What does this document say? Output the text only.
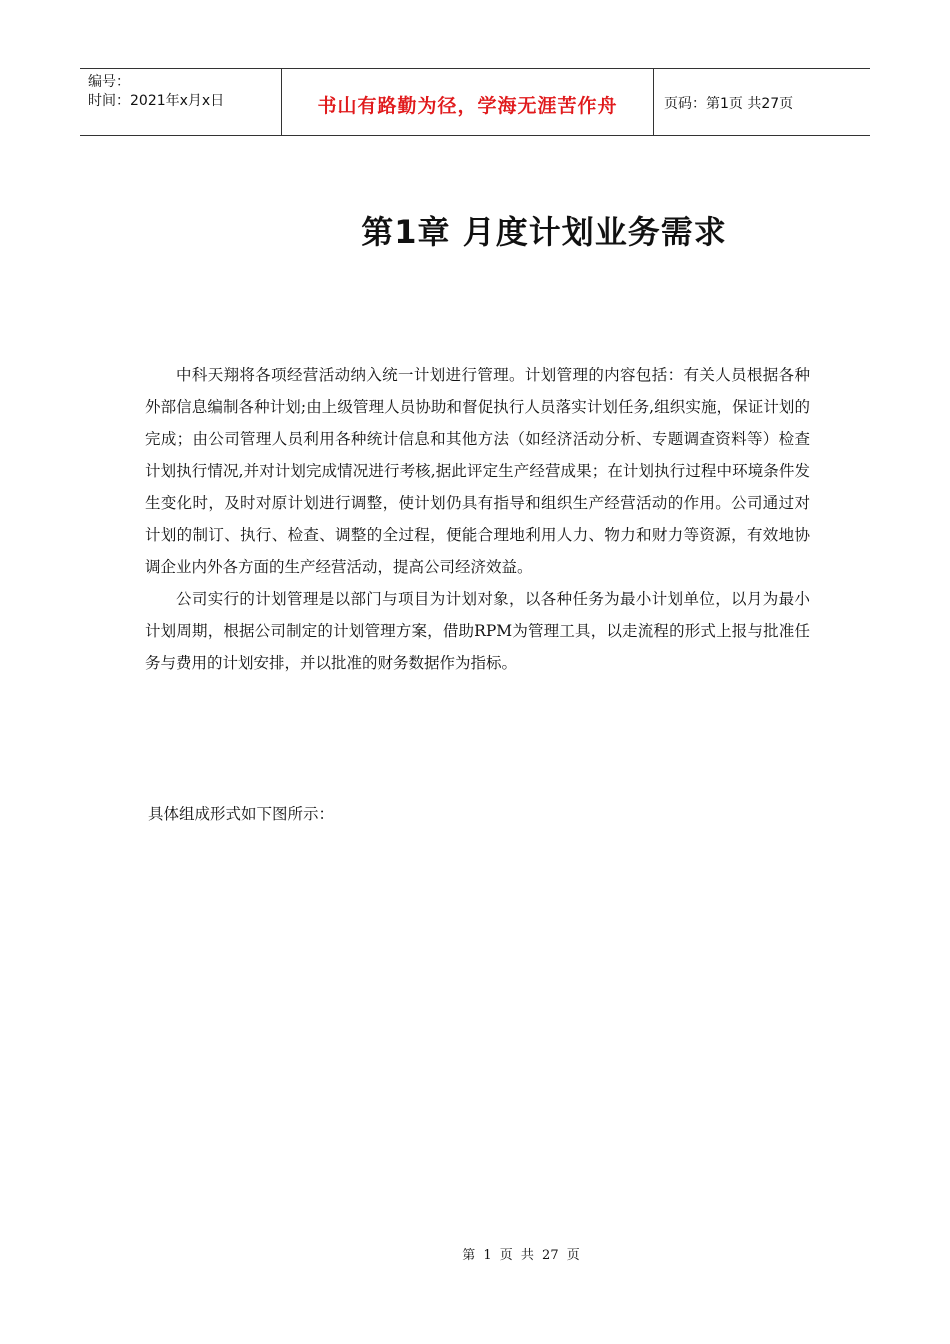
编号：
时间：2021年x月x日	书山有路勤为径，学海无涯苦作舟	页码：第1页 共27页
第1章 月度计划业务需求

中科天翔将各项经营活动纳入统一计划进行管理。计划管理的内容包括：有关人员根据各种外部信息编制各种计划;由上级管理人员协助和督促执行人员落实计划任务,组织实施，保证计划的完成；由公司管理人员利用各种统计信息和其他方法（如经济活动分析、专题调查资料等）检查计划执行情况,并对计划完成情况进行考核,据此评定生产经营成果；在计划执行过程中环境条件发生变化时，及时对原计划进行调整，使计划仍具有指导和组织生产经营活动的作用。公司通过对计划的制订、执行、检查、调整的全过程，便能合理地利用人力、物力和财力等资源，有效地协调企业内外各方面的生产经营活动，提高公司经济效益。

公司实行的计划管理是以部门与项目为计划对象，以各种任务为最小计划单位，以月为最小计划周期，根据公司制定的计划管理方案，借助RPM为管理工具，以走流程的形式上报与批准任务与费用的计划安排，并以批准的财务数据作为指标。

具体组成形式如下图所示：
第 1 页 共 27 页
